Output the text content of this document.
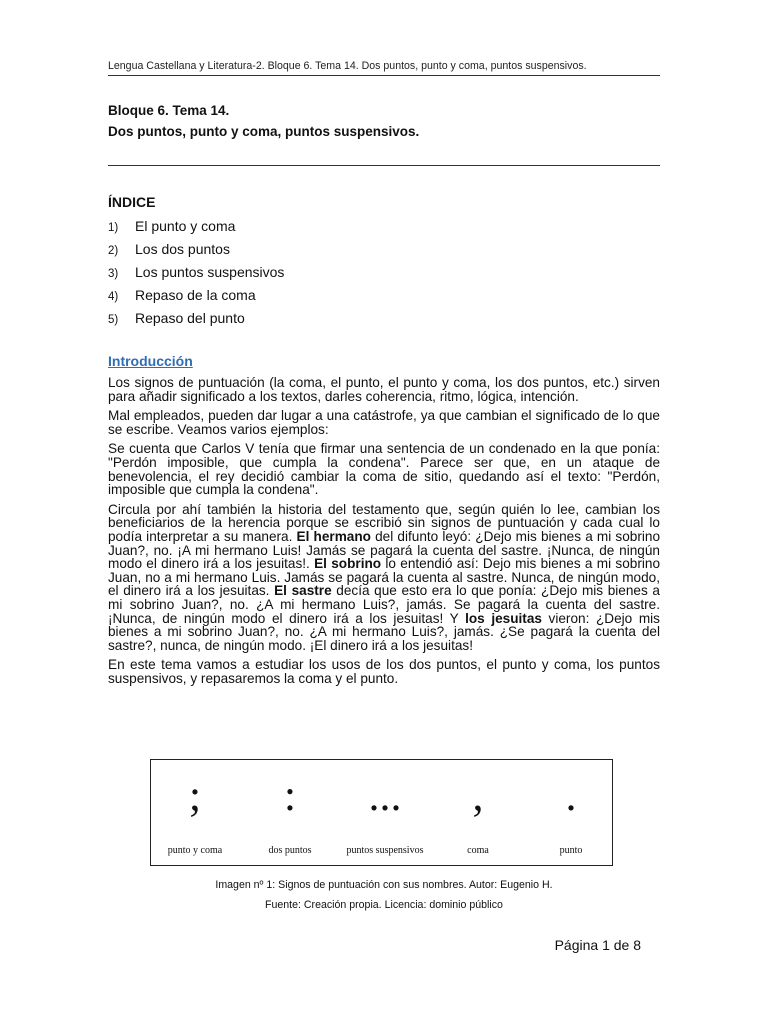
Lengua Castellana y Literatura-2. Bloque 6. Tema 14. Dos puntos, punto y coma, puntos suspensivos.
Bloque 6. Tema 14.
Dos puntos, punto y coma, puntos suspensivos.
ÍNDICE
1)	El punto y coma
2)	Los dos puntos
3)	Los puntos suspensivos
4)	Repaso de la coma
5)	Repaso del punto
Introducción

Los signos de puntuación (la coma, el punto, el punto y coma, los dos puntos, etc.) sirven para añadir significado a los textos, darles coherencia, ritmo, lógica, intención.

Mal empleados, pueden dar lugar a una catástrofe, ya que cambian el significado de lo que se escribe. Veamos varios ejemplos:

Se cuenta que Carlos V tenía que firmar una sentencia de un condenado en la que ponía: "Perdón imposible, que cumpla la condena". Parece ser que, en un ataque de benevolencia, el rey decidió cambiar la coma de sitio, quedando así el texto: "Perdón, imposible que cumpla la condena".

Circula por ahí también la historia del testamento que, según quién lo lee, cambian los beneficiarios de la herencia porque se escribió sin signos de puntuación y cada cual lo podía interpretar a su manera. El hermano del difunto leyó: ¿Dejo mis bienes a mi sobrino Juan?, no. ¡A mi hermano Luis! Jamás se pagará la cuenta del sastre. ¡Nunca, de ningún modo el dinero irá a los jesuitas!. El sobrino lo entendió así: Dejo mis bienes a mi sobrino Juan, no a mi hermano Luis. Jamás se pagará la cuenta al sastre. Nunca, de ningún modo, el dinero irá a los jesuitas. El sastre decía que esto era lo que ponía: ¿Dejo mis bienes a mi sobrino Juan?, no. ¿A mi hermano Luis?, jamás. Se pagará la cuenta del sastre. ¡Nunca, de ningún modo el dinero irá a los jesuitas! Y los jesuitas vieron: ¿Dejo mis bienes a mi sobrino Juan?, no. ¿A mi hermano Luis?, jamás. ¿Se pagará la cuenta del sastre?, nunca, de ningún modo. ¡El dinero irá a los jesuitas!

En este tema vamos a estudiar los usos de los dos puntos, el punto y coma, los puntos suspensivos, y repasaremos la coma y el punto.

;
punto y coma
:
dos puntos
...
puntos suspensivos
,
coma
.
punto
Imagen nº 1: Signos de puntuación con sus nombres. Autor: Eugenio H.
Fuente: Creación propia. Licencia: dominio público
Página 1 de 8
